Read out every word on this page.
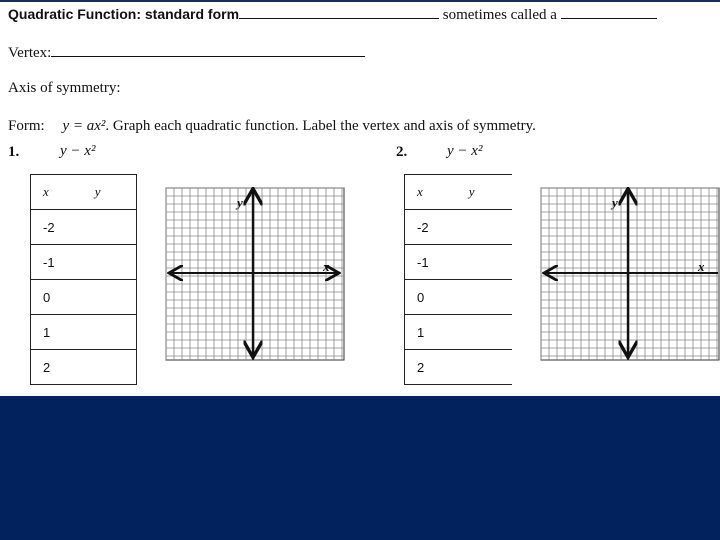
Quadratic Function: standard form	sometimes called a
Vertex:
Axis of symmetry:
Form: y = ax². Graph each quadratic function. Label the vertex and axis of symmetry.
1.	y − x²	2.	y − x²
x	y
-2
-1
0
1
2
x	y
-2
-1
0
1
2
x
y
x
y
